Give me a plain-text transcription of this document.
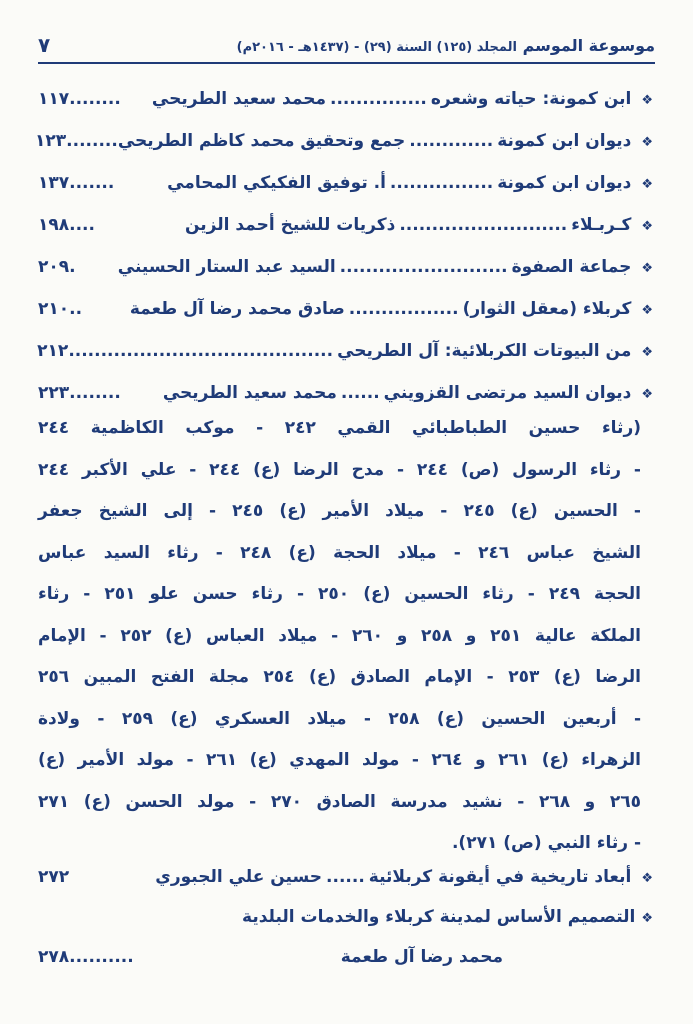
موسوعة الموسم المجلد (١٢٥) السنة (٢٩) - (١٤٣٧هـ - ٢٠١٦م)
٧
❖
ابن كمونة: حياته وشعره
...............
محمد سعيد الطريحي
........
١١٧
❖
ديوان ابن كمونة
.............
جمع وتحقيق محمد كاظم الطريحي
........
١٢٣
❖
ديوان ابن كمونة
................
أ. توفيق الفكيكي المحامي
.......
١٣٧
❖
كـربـلاء
..........................
ذكريات للشيخ أحمد الزين
....
١٩٨
❖
جماعة الصفوة
..........................
السيد عبد الستار الحسيني
.
٢٠٩
❖
كربلاء (معقل الثوار)
.................
صادق محمد رضا آل طعمة
..
٢١٠
❖
من البيوتات الكربلائية: آل الطريحي
.........................................
٢١٢
❖
ديوان السيد مرتضى القزويني
......
محمد سعيد الطريحي
........
٢٢٣
(رثاء حسين الطباطبائي القمي ٢٤٢ - موكب الكاظمية ٢٤٤
- رثاء الرسول (ص) ٢٤٤ - مدح الرضا (ع) ٢٤٤ - علي الأكبر ٢٤٤
- الحسين (ع) ٢٤٥ - ميلاد الأمير (ع) ٢٤٥ - إلى الشيخ جعفر
الشيخ عباس ٢٤٦ - ميلاد الحجة (ع) ٢٤٨ - رثاء السيد عباس
الحجة ٢٤٩ - رثاء الحسين (ع) ٢٥٠ - رثاء حسن علو ٢٥١ - رثاء
الملكة عالية ٢٥١ و ٢٥٨ و ٢٦٠ - ميلاد العباس (ع) ٢٥٢ - الإمام
الرضا (ع) ٢٥٣ - الإمام الصادق (ع) ٢٥٤ مجلة الفتح المبين ٢٥٦
- أربعين الحسين (ع) ٢٥٨ - ميلاد العسكري (ع) ٢٥٩ - ولادة
الزهراء (ع) ٢٦١ و ٢٦٤ - مولد المهدي (ع) ٢٦١ - مولد الأمير (ع)
٢٦٥ و ٢٦٨ - نشيد مدرسة الصادق ٢٧٠ - مولد الحسن (ع) ٢٧١
- رثاء النبي (ص) ٢٧١).
❖
أبعاد تاريخية في أيقونة كربلائية
......
حسين علي الجبوري
٢٧٢
❖التصميم الأساس لمدينة كربلاء والخدمات البلدية
محمد رضا آل طعمة
..........
٢٧٨
